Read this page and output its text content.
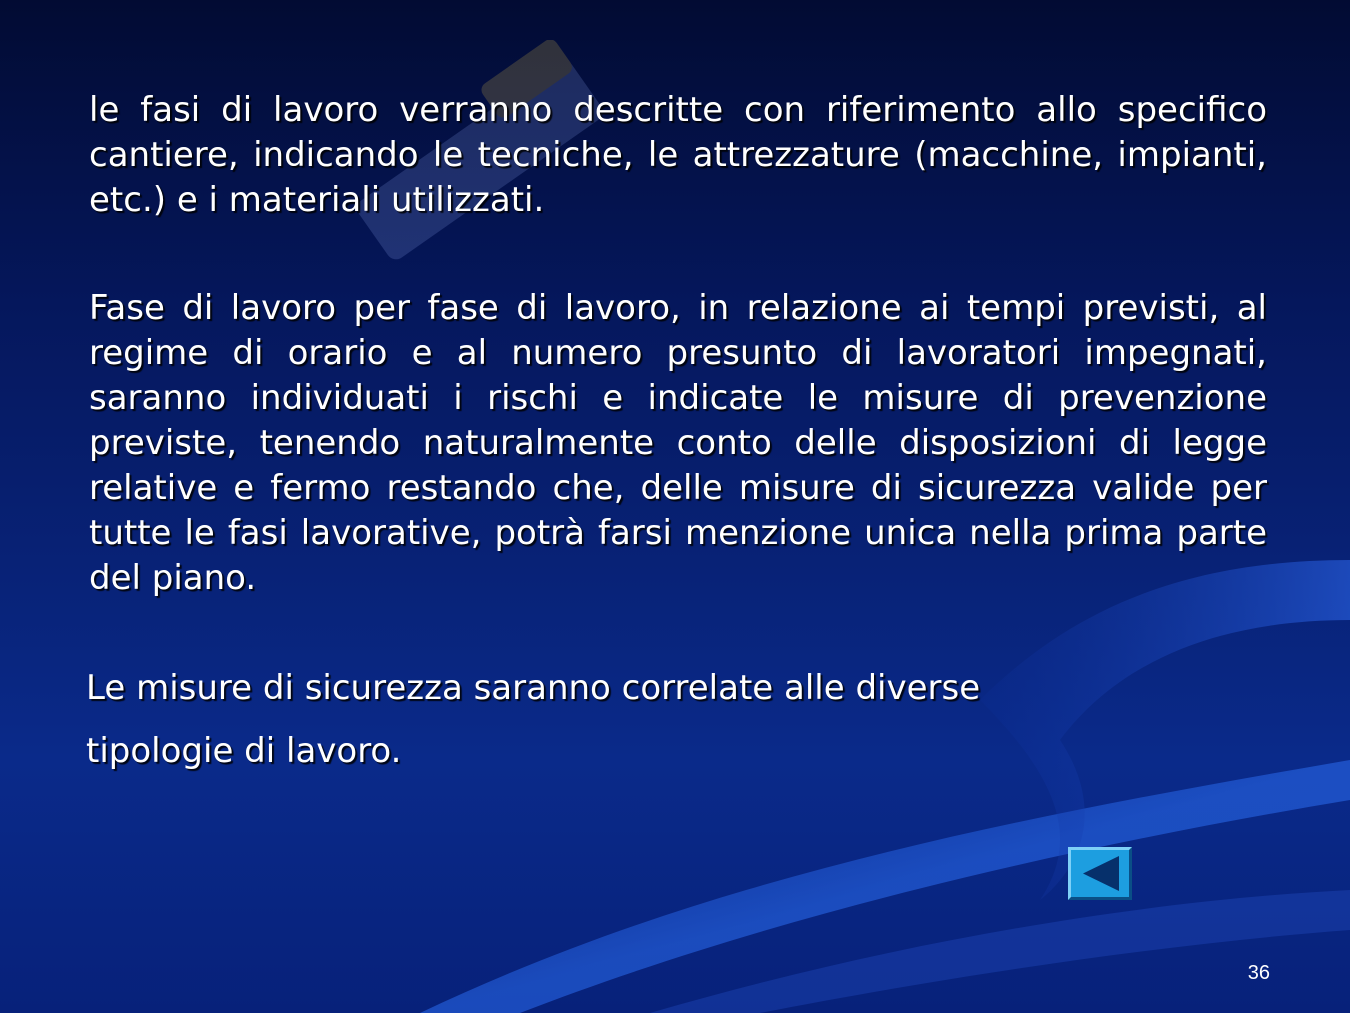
le fasi di lavoro verranno descritte con riferimento allo specifico cantiere, indicando le tecniche, le attrezzature (macchine, impianti, etc.) e i materiali utilizzati.

Fase di lavoro per fase di lavoro, in relazione ai tempi previsti, al regime di orario e al numero presunto di lavoratori impegnati, saranno individuati i rischi e indicate le misure di prevenzione previste, tenendo naturalmente conto delle disposizioni di legge relative e fermo restando che, delle misure di sicurezza valide per tutte le fasi lavorative, potrà farsi menzione unica nella prima parte del piano.

Le misure di sicurezza saranno correlate alle diverse

tipologie di lavoro.

36
